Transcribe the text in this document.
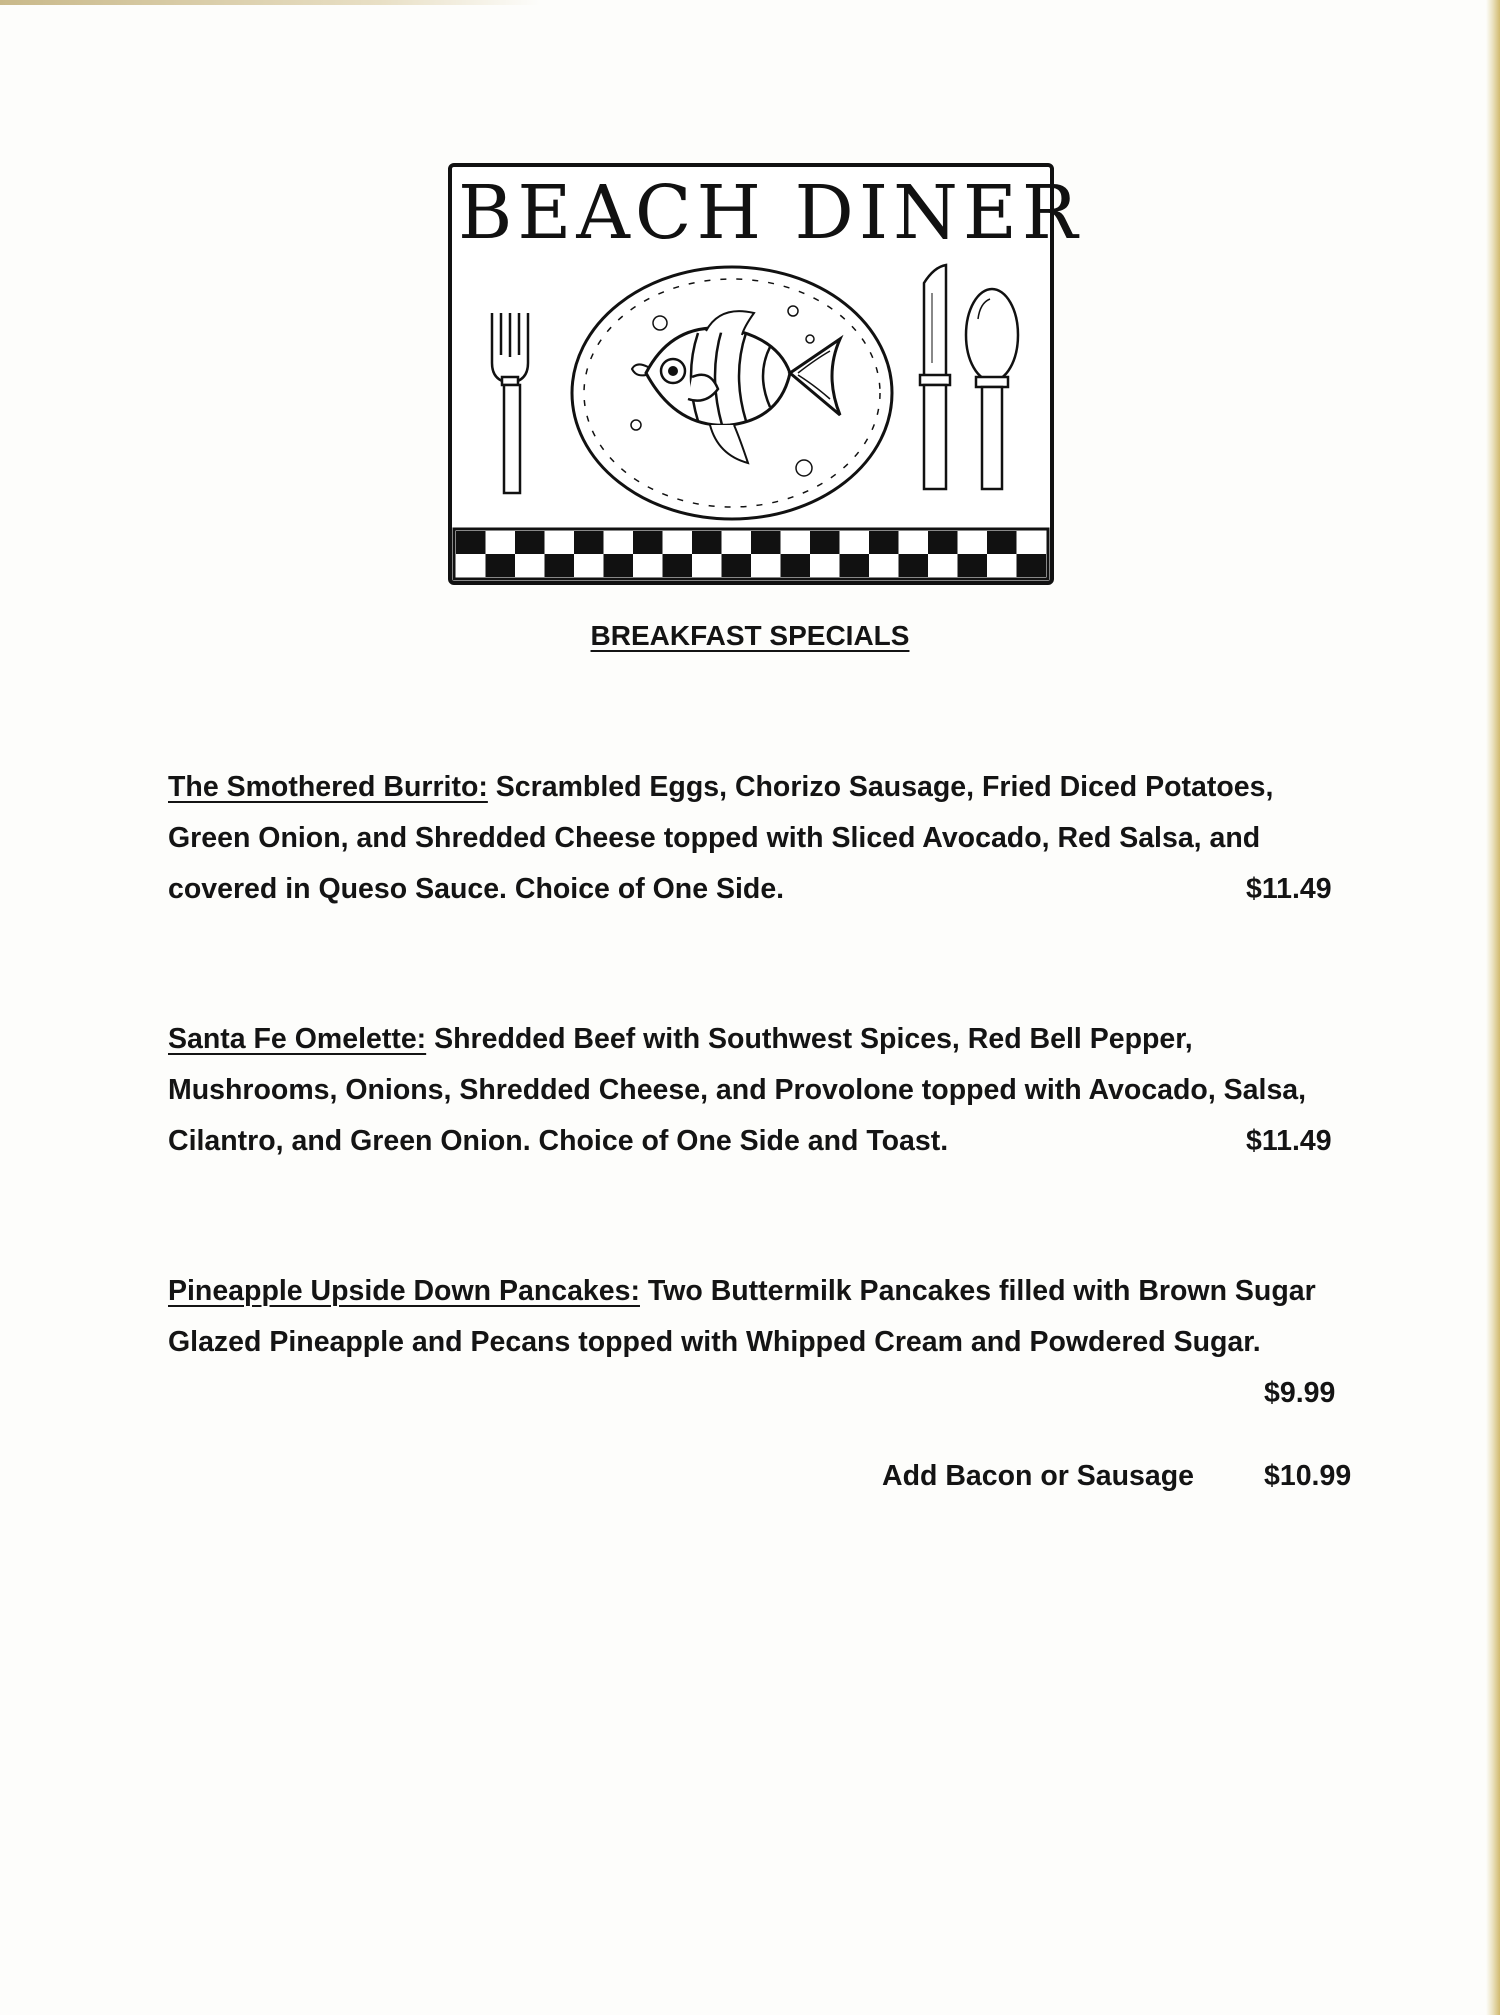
BEACH DINER
BREAKFAST SPECIALS
The Smothered Burrito: Scrambled Eggs, Chorizo Sausage, Fried Diced Potatoes, Green Onion, and Shredded Cheese topped with Sliced Avocado, Red Salsa, and covered in Queso Sauce. Choice of One Side.	$11.49
Santa Fe Omelette: Shredded Beef with Southwest Spices, Red Bell Pepper, Mushrooms, Onions, Shredded Cheese, and Provolone topped with Avocado, Salsa, Cilantro, and Green Onion. Choice of One Side and Toast.	$11.49
Pineapple Upside Down Pancakes: Two Buttermilk Pancakes filled with Brown Sugar Glazed Pineapple and Pecans topped with Whipped Cream and Powdered Sugar.
$9.99
Add Bacon or Sausage $10.99
